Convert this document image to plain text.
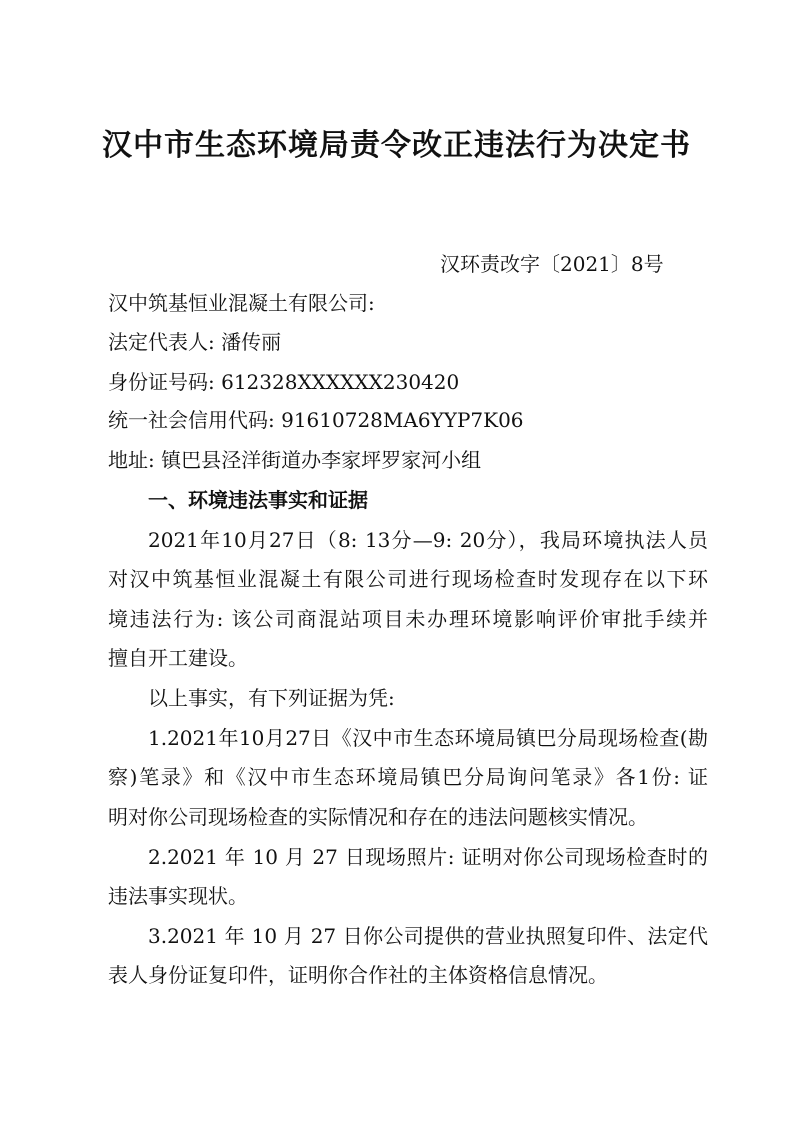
汉中市生态环境局责令改正违法行为决定书
汉环责改字〔2021〕8号
汉中筑基恒业混凝土有限公司:
法定代表人: 潘传丽
身份证号码: 612328XXXXXX230420
统一社会信用代码: 91610728MA6YYP7K06
地址: 镇巴县泾洋街道办李家坪罗家河小组
一、环境违法事实和证据
2021年10月27日（8: 13分—9: 20分），我局环境执法人员
对汉中筑基恒业混凝土有限公司进行现场检查时发现存在以下环
境违法行为: 该公司商混站项目未办理环境影响评价审批手续并
擅自开工建设。
以上事实，有下列证据为凭:
1.2021年10月27日《汉中市生态环境局镇巴分局现场检查(勘
察)笔录》和《汉中市生态环境局镇巴分局询问笔录》各1份: 证
明对你公司现场检查的实际情况和存在的违法问题核实情况。
2.2021 年 10 月 27 日现场照片: 证明对你公司现场检查时的
违法事实现状。
3.2021 年 10 月 27 日你公司提供的营业执照复印件、法定代
表人身份证复印件，证明你合作社的主体资格信息情况。
